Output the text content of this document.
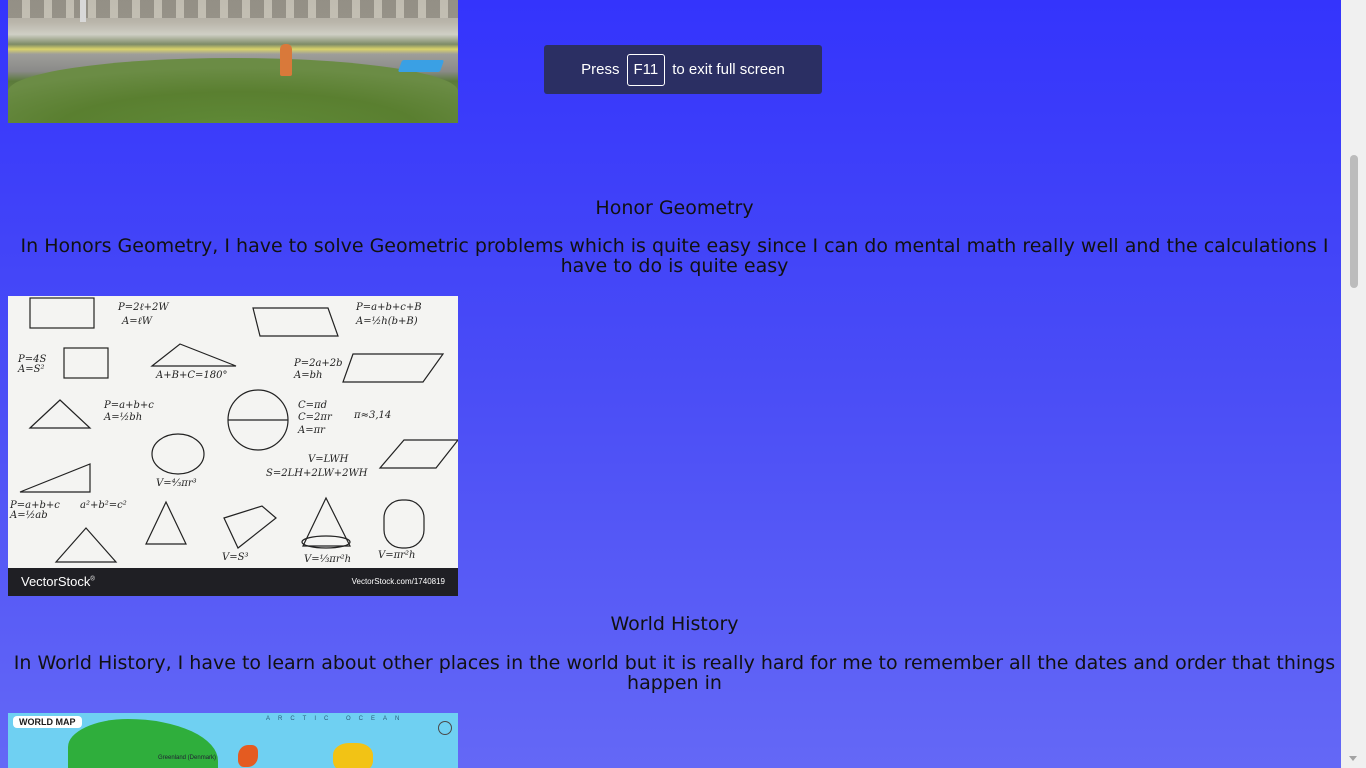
Honor Geometry
In Honors Geometry, I have to solve Geometric problems which is quite easy since I can do mental math really well and the calculations I have to do is quite easy
P=2ℓ+2W
A=ℓW
P=4S
A=S²
P=a+b+c+B
A=½h(b+B)
A+B+C=180°
P=2a+2b
A=bh
P=a+b+c
A=½bh
C=πd
C=2πr
A=πr
π≈3,14
V=LWH
S=2LH+2LW+2WH
V=⁴⁄₃πr³
P=a+b+c a²+b²=c²
A=½ab
V=S³	V=⅓πr²h	V=πr²h
VectorStock®	VectorStock.com/1740819
World History
In World History, I have to learn about other places in the world but it is really hard for me to remember all the dates and order that things happen in
WORLD MAP	ARCTIC OCEAN
Greenland (Denmark)
Press F11 to exit full screen
